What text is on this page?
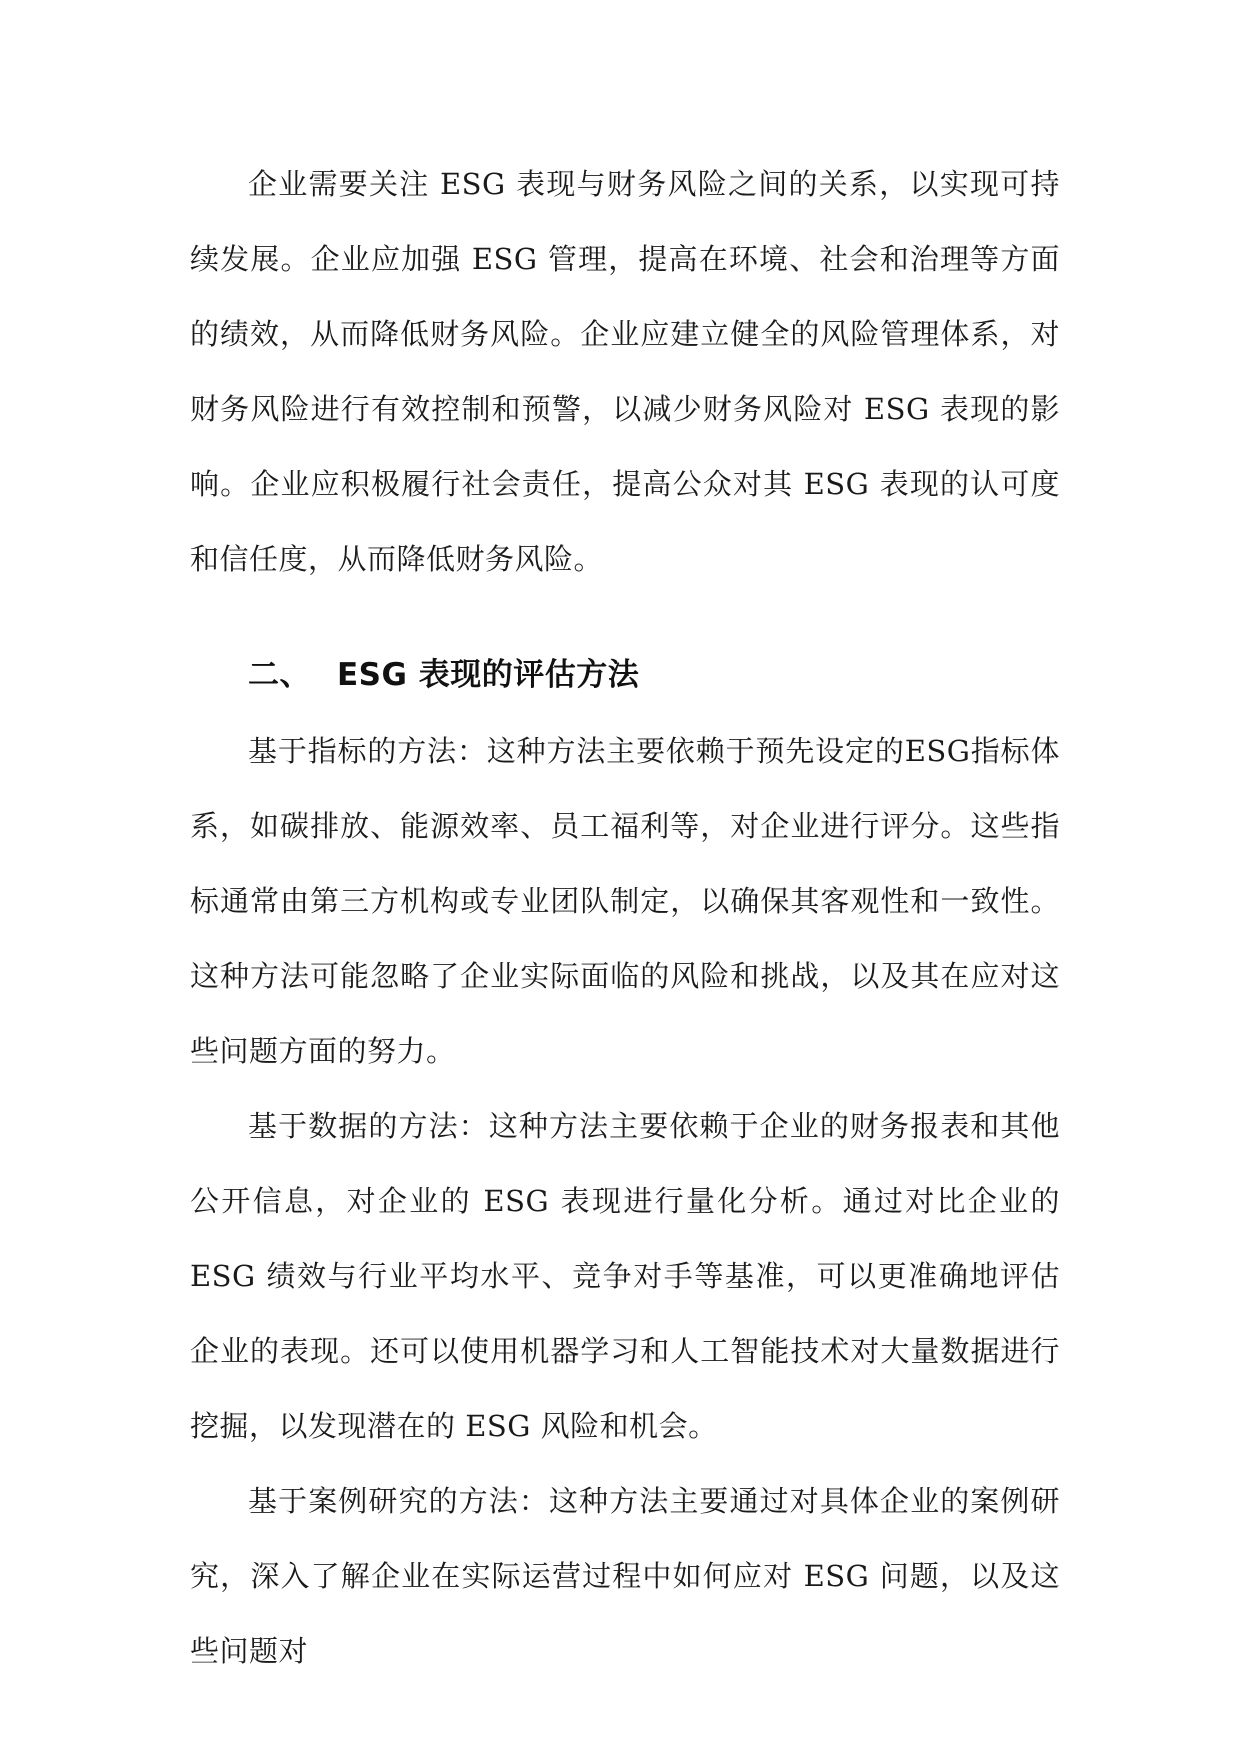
企业需要关注 ESG 表现与财务风险之间的关系，以实现可持续发展。企业应加强 ESG 管理，提高在环境、社会和治理等方面的绩效，从而降低财务风险。企业应建立健全的风险管理体系，对财务风险进行有效控制和预警，以减少财务风险对 ESG 表现的影响。企业应积极履行社会责任，提高公众对其 ESG 表现的认可度和信任度，从而降低财务风险。

二、 ESG 表现的评估方法

基于指标的方法：这种方法主要依赖于预先设定的ESG指标体系，如碳排放、能源效率、员工福利等，对企业进行评分。这些指标通常由第三方机构或专业团队制定，以确保其客观性和一致性。这种方法可能忽略了企业实际面临的风险和挑战，以及其在应对这些问题方面的努力。

基于数据的方法：这种方法主要依赖于企业的财务报表和其他公开信息，对企业的 ESG 表现进行量化分析。通过对比企业的 ESG 绩效与行业平均水平、竞争对手等基准，可以更准确地评估企业的表现。还可以使用机器学习和人工智能技术对大量数据进行挖掘，以发现潜在的 ESG 风险和机会。

基于案例研究的方法：这种方法主要通过对具体企业的案例研究，深入了解企业在实际运营过程中如何应对 ESG 问题，以及这些问题对
